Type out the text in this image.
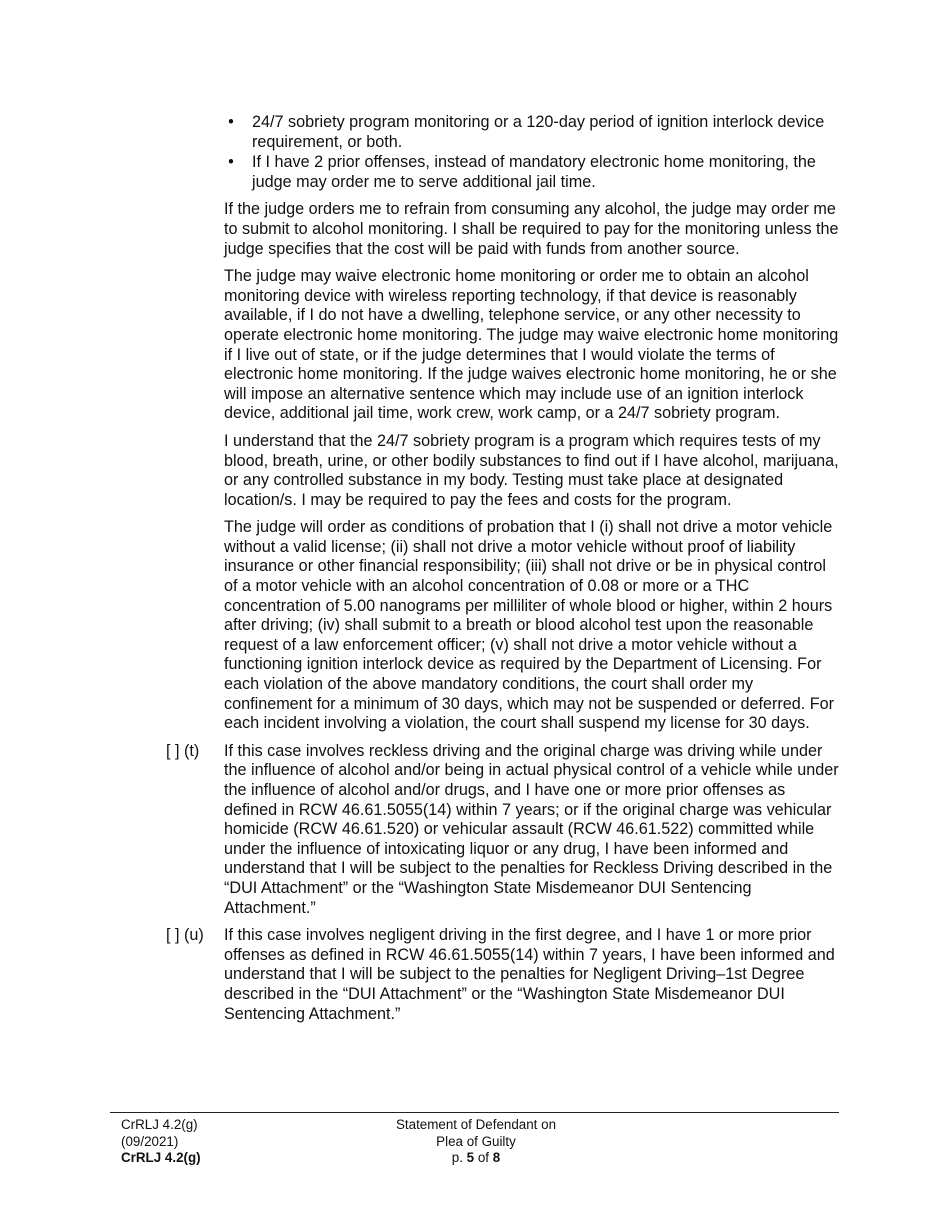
• 24/7 sobriety program monitoring or a 120-day period of ignition interlock device requirement, or both.
• If I have 2 prior offenses, instead of mandatory electronic home monitoring, the judge may order me to serve additional jail time.

If the judge orders me to refrain from consuming any alcohol, the judge may order me to submit to alcohol monitoring. I shall be required to pay for the monitoring unless the judge specifies that the cost will be paid with funds from another source.

The judge may waive electronic home monitoring or order me to obtain an alcohol monitoring device with wireless reporting technology, if that device is reasonably available, if I do not have a dwelling, telephone service, or any other necessity to operate electronic home monitoring. The judge may waive electronic home monitoring if I live out of state, or if the judge determines that I would violate the terms of electronic home monitoring. If the judge waives electronic home monitoring, he or she will impose an alternative sentence which may include use of an ignition interlock device, additional jail time, work crew, work camp, or a 24/7 sobriety program.

I understand that the 24/7 sobriety program is a program which requires tests of my blood, breath, urine, or other bodily substances to find out if I have alcohol, marijuana, or any controlled substance in my body. Testing must take place at designated location/s. I may be required to pay the fees and costs for the program.

The judge will order as conditions of probation that I (i) shall not drive a motor vehicle without a valid license; (ii) shall not drive a motor vehicle without proof of liability insurance or other financial responsibility; (iii) shall not drive or be in physical control of a motor vehicle with an alcohol concentration of 0.08 or more or a THC concentration of 5.00 nanograms per milliliter of whole blood or higher, within 2 hours after driving; (iv) shall submit to a breath or blood alcohol test upon the reasonable request of a law enforcement officer; (v) shall not drive a motor vehicle without a functioning ignition interlock device as required by the Department of Licensing. For each violation of the above mandatory conditions, the court shall order my confinement for a minimum of 30 days, which may not be suspended or deferred. For each incident involving a violation, the court shall suspend my license for 30 days.

[ ] (t)	If this case involves reckless driving and the original charge was driving while under the influence of alcohol and/or being in actual physical control of a vehicle while under the influence of alcohol and/or drugs, and I have one or more prior offenses as defined in RCW 46.61.5055(14) within 7 years; or if the original charge was vehicular homicide (RCW 46.61.520) or vehicular assault (RCW 46.61.522) committed while under the influence of intoxicating liquor or any drug, I have been informed and understand that I will be subject to the penalties for Reckless Driving described in the “DUI Attachment” or the “Washington State Misdemeanor DUI Sentencing Attachment.”
[ ] (u)	If this case involves negligent driving in the first degree, and I have 1 or more prior offenses as defined in RCW 46.61.5055(14) within 7 years, I have been informed and understand that I will be subject to the penalties for Negligent Driving–1st Degree described in the “DUI Attachment” or the “Washington State Misdemeanor DUI Sentencing Attachment.”
CrRLJ 4.2(g)
(09/2021)
CrRLJ 4.2(g)
Statement of Defendant on
Plea of Guilty
p. 5 of 8
